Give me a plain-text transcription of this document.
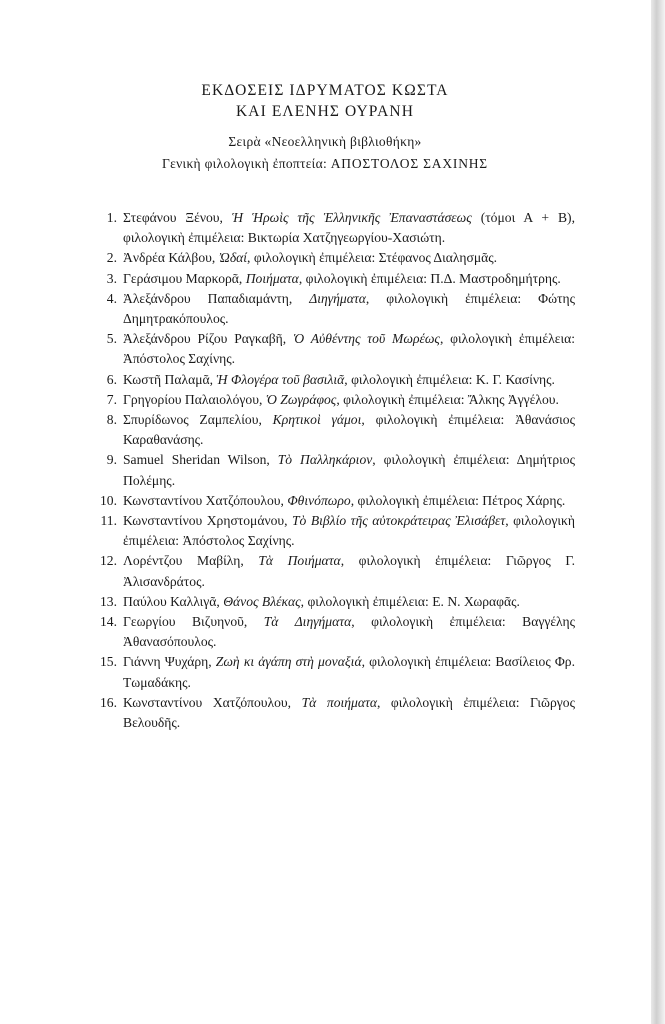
ΕΚΔΟΣΕΙΣ ΙΔΡΥΜΑΤΟΣ ΚΩΣΤΑ
ΚΑΙ ΕΛΕΝΗΣ ΟΥΡΑΝΗ
Σειρὰ «Νεοελληνικὴ βιβλιοθήκη»
Γενικὴ φιλολογικὴ ἐποπτεία: ΑΠΟΣΤΟΛΟΣ ΣΑΧΙΝΗΣ
1. Στεφάνου Ξένου, Ἡ Ἡρωὶς τῆς Ἑλληνικῆς Ἐπαναστάσεως (τόμοι Α + Β), φιλολογικὴ ἐπιμέλεια: Βικτωρία Χατζηγεωργίου-Χασιώτη.
2. Ἀνδρέα Κάλβου, Ὠδαί, φιλολογικὴ ἐπιμέλεια: Στέφανος Διαλησμᾶς.
3. Γεράσιμου Μαρκορᾶ, Ποιήματα, φιλολογικὴ ἐπιμέλεια: Π.Δ. Μαστροδημήτρης.
4. Ἀλεξάνδρου Παπαδιαμάντη, Διηγήματα, φιλολογικὴ ἐπιμέλεια: Φώτης Δημητρακόπουλος.
5. Ἀλεξάνδρου Ρίζου Ραγκαβῆ, Ὁ Αὐθέντης τοῦ Μωρέως, φιλολογικὴ ἐπιμέλεια: Ἀπόστολος Σαχίνης.
6. Κωστῆ Παλαμᾶ, Ἡ Φλογέρα τοῦ βασιλιᾶ, φιλολογικὴ ἐπιμέλεια: Κ. Γ. Κασίνης.
7. Γρηγορίου Παλαιολόγου, Ὁ Ζωγράφος, φιλολογικὴ ἐπιμέλεια: Ἄλκης Ἀγγέλου.
8. Σπυρίδωνος Ζαμπελίου, Κρητικοὶ γάμοι, φιλολογικὴ ἐπιμέλεια: Ἀθανάσιος Καραθανάσης.
9. Samuel Sheridan Wilson, Τὸ Παλληκάριον, φιλολογικὴ ἐπιμέλεια: Δημήτριος Πολέμης.
10. Κωνσταντίνου Χατζόπουλου, Φθινόπωρο, φιλολογικὴ ἐπιμέλεια: Πέτρος Χάρης.
11. Κωνσταντίνου Χρηστομάνου, Τὸ Βιβλίο τῆς αὐτοκράτειρας Ἐλισάβετ, φιλολογικὴ ἐπιμέλεια: Ἀπόστολος Σαχίνης.
12. Λορέντζου Μαβίλη, Τὰ Ποιήματα, φιλολογικὴ ἐπιμέλεια: Γιῶργος Γ. Ἀλισανδράτος.
13. Παύλου Καλλιγᾶ, Θάνος Βλέκας, φιλολογικὴ ἐπιμέλεια: Ε. Ν. Χωραφᾶς.
14. Γεωργίου Βιζυηνοῦ, Τὰ Διηγήματα, φιλολογικὴ ἐπιμέλεια: Βαγγέλης Ἀθανασόπουλος.
15. Γιάννη Ψυχάρη, Ζωὴ κι ἀγάπη στὴ μοναξιά, φιλολογικὴ ἐπιμέλεια: Βασίλειος Φρ. Τωμαδάκης.
16. Κωνσταντίνου Χατζόπουλου, Τὰ ποιήματα, φιλολογικὴ ἐπιμέλεια: Γιῶργος Βελουδῆς.
